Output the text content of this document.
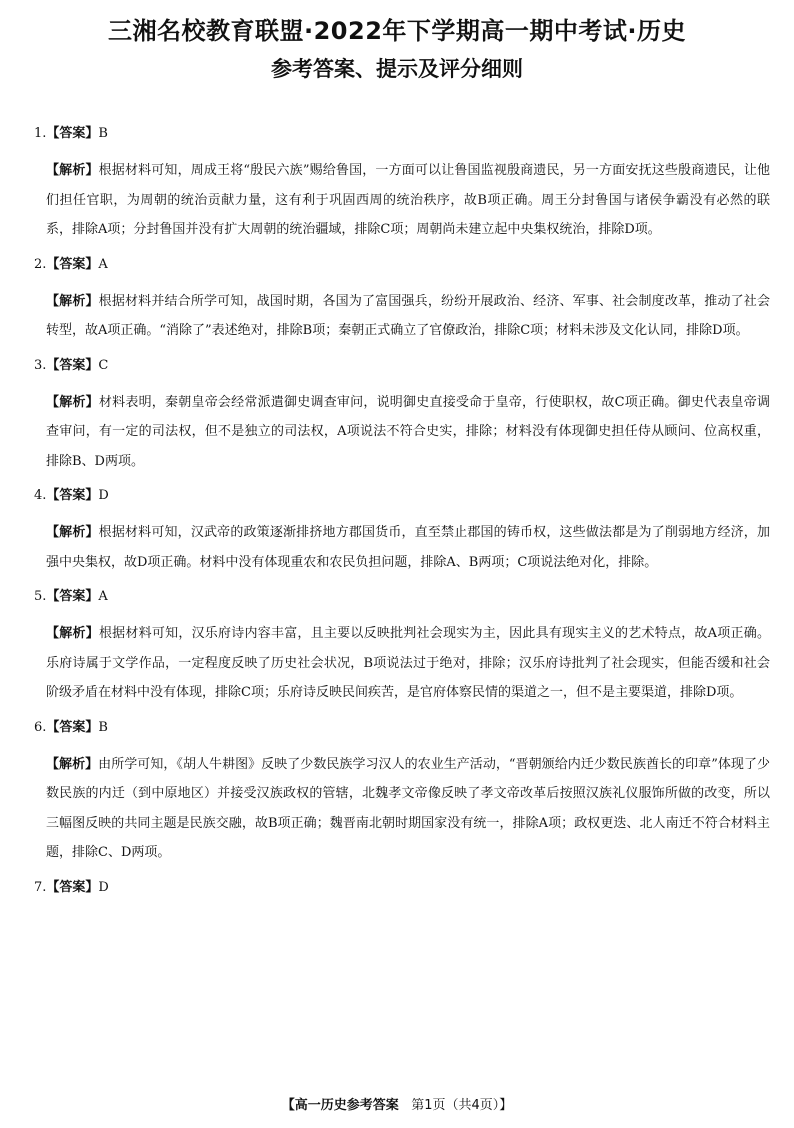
三湘名校教育联盟·2022年下学期高一期中考试·历史
参考答案、提示及评分细则
1.【答案】B
【解析】根据材料可知，周成王将“殷民六族”赐给鲁国，一方面可以让鲁国监视殷商遗民，另一方面安抚这些殷商遗民，让他们担任官职，为周朝的统治贡献力量，这有利于巩固西周的统治秩序，故B项正确。周王分封鲁国与诸侯争霸没有必然的联系，排除A项；分封鲁国并没有扩大周朝的统治疆域，排除C项；周朝尚未建立起中央集权统治，排除D项。
2.【答案】A
【解析】根据材料并结合所学可知，战国时期，各国为了富国强兵，纷纷开展政治、经济、军事、社会制度改革，推动了社会转型，故A项正确。“消除了”表述绝对，排除B项；秦朝正式确立了官僚政治，排除C项；材料未涉及文化认同，排除D项。
3.【答案】C
【解析】材料表明，秦朝皇帝会经常派遣御史调查审问，说明御史直接受命于皇帝，行使职权，故C项正确。御史代表皇帝调查审问，有一定的司法权，但不是独立的司法权，A项说法不符合史实，排除；材料没有体现御史担任侍从顾问、位高权重，排除B、D两项。
4.【答案】D
【解析】根据材料可知，汉武帝的政策逐渐排挤地方郡国货币，直至禁止郡国的铸币权，这些做法都是为了削弱地方经济，加强中央集权，故D项正确。材料中没有体现重农和农民负担问题，排除A、B两项；C项说法绝对化，排除。
5.【答案】A
【解析】根据材料可知，汉乐府诗内容丰富，且主要以反映批判社会现实为主，因此具有现实主义的艺术特点，故A项正确。乐府诗属于文学作品，一定程度反映了历史社会状况，B项说法过于绝对，排除；汉乐府诗批判了社会现实，但能否缓和社会阶级矛盾在材料中没有体现，排除C项；乐府诗反映民间疾苦，是官府体察民情的渠道之一，但不是主要渠道，排除D项。
6.【答案】B
【解析】由所学可知，《胡人牛耕图》反映了少数民族学习汉人的农业生产活动，“晋朝颁给内迁少数民族酋长的印章”体现了少数民族的内迁（到中原地区）并接受汉族政权的管辖，北魏孝文帝像反映了孝文帝改革后按照汉族礼仪服饰所做的改变，所以三幅图反映的共同主题是民族交融，故B项正确；魏晋南北朝时期国家没有统一，排除A项；政权更迭、北人南迁不符合材料主题，排除C、D两项。
7.【答案】D
【高一历史参考答案 第1页（共4页）】
